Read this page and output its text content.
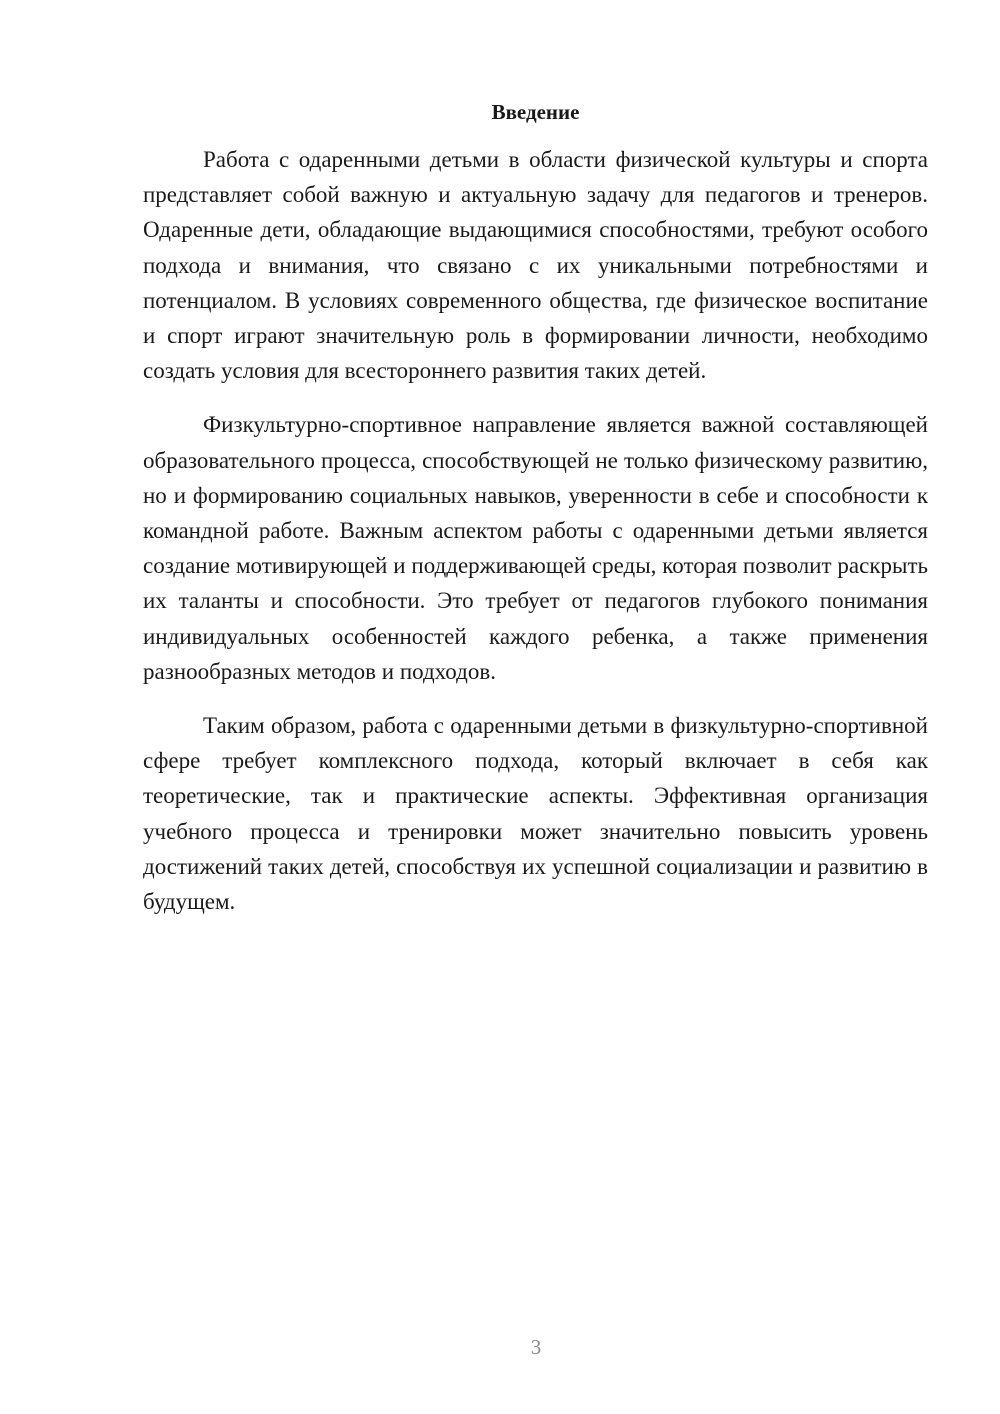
Введение

Работа с одаренными детьми в области физической культуры и спорта представляет собой важную и актуальную задачу для педагогов и тренеров. Одаренные дети, обладающие выдающимися способностями, требуют особого подхода и внимания, что связано с их уникальными потребностями и потенциалом. В условиях современного общества, где физическое воспитание и спорт играют значительную роль в формировании личности, необходимо создать условия для всестороннего развития таких детей.

Физкультурно-спортивное направление является важной составляющей образовательного процесса, способствующей не только физическому развитию, но и формированию социальных навыков, уверенности в себе и способности к командной работе. Важным аспектом работы с одаренными детьми является создание мотивирующей и поддерживающей среды, которая позволит раскрыть их таланты и способности. Это требует от педагогов глубокого понимания индивидуальных особенностей каждого ребенка, а также применения разнообразных методов и подходов.

Таким образом, работа с одаренными детьми в физкультурно-спортивной сфере требует комплексного подхода, который включает в себя как теоретические, так и практические аспекты. Эффективная организация учебного процесса и тренировки может значительно повысить уровень достижений таких детей, способствуя их успешной социализации и развитию в будущем.

3
